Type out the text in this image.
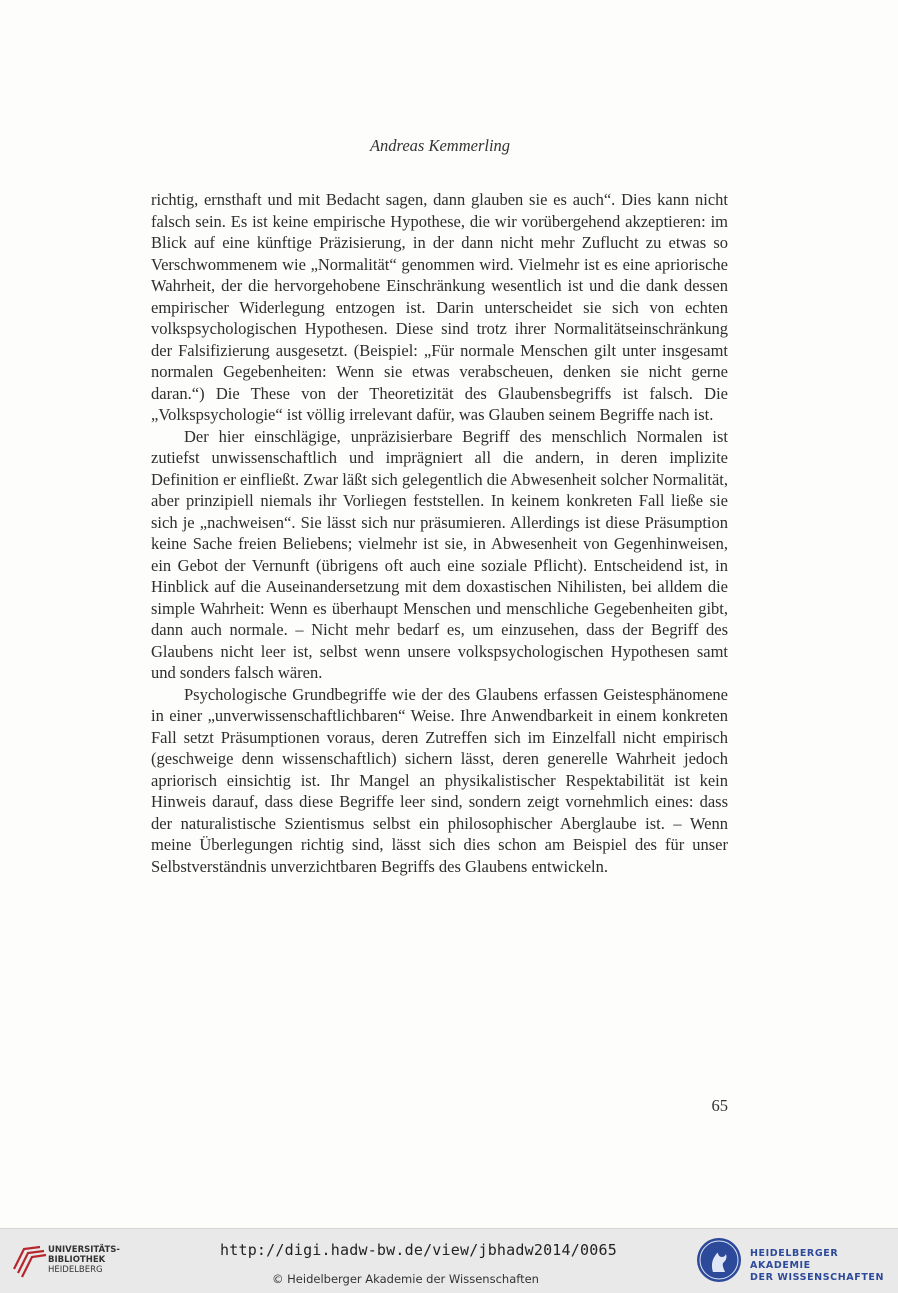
Andreas Kemmerling

richtig, ernsthaft und mit Bedacht sagen, dann glauben sie es auch“. Dies kann nicht falsch sein. Es ist keine empirische Hypothese, die wir vorübergehend akzeptieren: im Blick auf eine künftige Präzisierung, in der dann nicht mehr Zuflucht zu etwas so Verschwommenem wie „Normalität“ genommen wird. Vielmehr ist es eine apriorische Wahrheit, der die hervorgehobene Einschränkung wesentlich ist und die dank dessen empirischer Widerlegung entzogen ist. Darin unterscheidet sie sich von echten volkspsychologischen Hypothesen. Diese sind trotz ihrer Normalitätseinschränkung der Falsifizierung ausgesetzt. (Beispiel: „Für normale Menschen gilt unter insgesamt normalen Gegebenheiten: Wenn sie etwas verabscheuen, denken sie nicht gerne daran.“) Die These von der Theoretizität des Glaubensbegriffs ist falsch. Die „Volkspsychologie“ ist völlig irrelevant dafür, was Glauben seinem Begriffe nach ist.

Der hier einschlägige, unpräzisierbare Begriff des menschlich Normalen ist zutiefst unwissenschaftlich und imprägniert all die andern, in deren implizite Definition er einfließt. Zwar läßt sich gelegentlich die Abwesenheit solcher Normalität, aber prinzipiell niemals ihr Vorliegen feststellen. In keinem konkreten Fall ließe sie sich je „nachweisen“. Sie lässt sich nur präsumieren. Allerdings ist diese Präsumption keine Sache freien Beliebens; vielmehr ist sie, in Abwesenheit von Gegenhinweisen, ein Gebot der Vernunft (übrigens oft auch eine soziale Pflicht). Entscheidend ist, in Hinblick auf die Auseinandersetzung mit dem doxastischen Nihilisten, bei alldem die simple Wahrheit: Wenn es überhaupt Menschen und menschliche Gegebenheiten gibt, dann auch normale. – Nicht mehr bedarf es, um einzusehen, dass der Begriff des Glaubens nicht leer ist, selbst wenn unsere volkspsychologischen Hypothesen samt und sonders falsch wären.

Psychologische Grundbegriffe wie der des Glaubens erfassen Geistesphänomene in einer „unverwissenschaftlichbaren“ Weise. Ihre Anwendbarkeit in einem konkreten Fall setzt Präsumptionen voraus, deren Zutreffen sich im Einzelfall nicht empirisch (geschweige denn wissenschaftlich) sichern lässt, deren generelle Wahrheit jedoch apriorisch einsichtig ist. Ihr Mangel an physikalistischer Respektabilität ist kein Hinweis darauf, dass diese Begriffe leer sind, sondern zeigt vornehmlich eines: dass der naturalistische Szientismus selbst ein philosophischer Aberglaube ist. – Wenn meine Überlegungen richtig sind, lässt sich dies schon am Beispiel des für unser Selbstverständnis unverzichtbaren Begriffs des Glaubens entwickeln.

65
UNIVERSITÄTS-
BIBLIOTHEK
HEIDELBERG
http://digi.hadw-bw.de/view/jbhadw2014/0065
© Heidelberger Akademie der Wissenschaften
HEIDELBERGER AKADEMIE
DER WISSENSCHAFTEN
